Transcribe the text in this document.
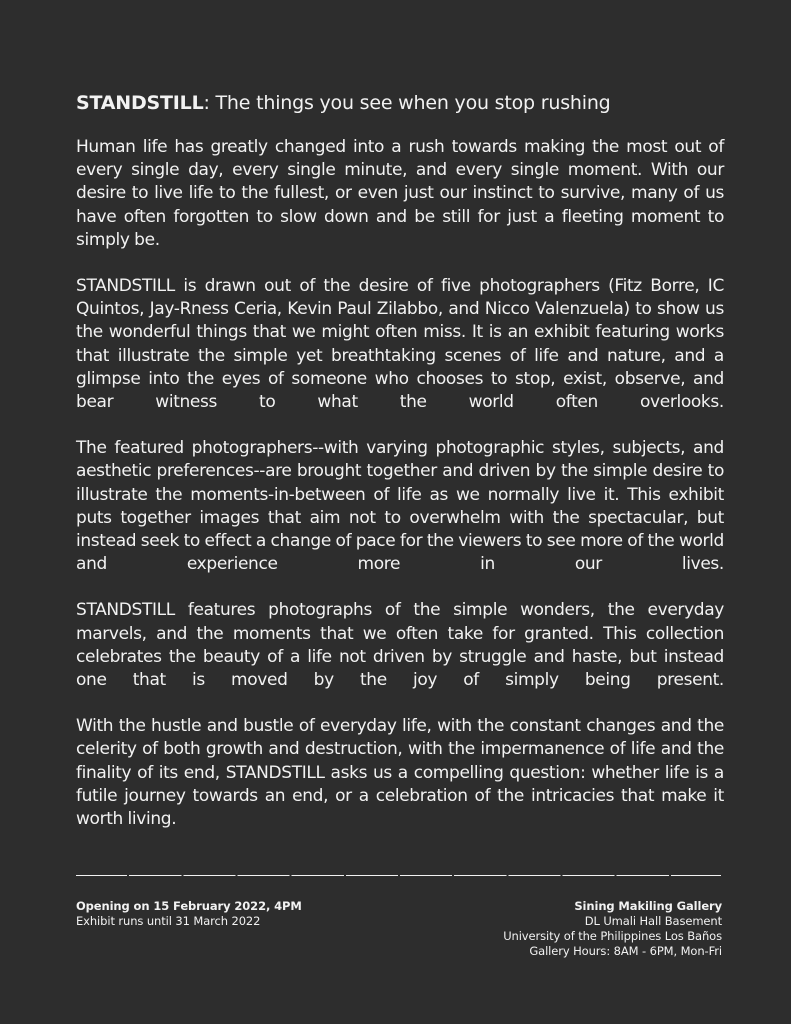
STANDSTILL: The things you see when you stop rushing

Human life has greatly changed into a rush towards making the most out of every single day, every single minute, and every single moment. With our desire to live life to the fullest, or even just our instinct to survive, many of us have often forgotten to slow down and be still for just a fleeting moment to simply be.

STANDSTILL is drawn out of the desire of five photographers (Fitz Borre, IC Quintos, Jay-Rness Ceria, Kevin Paul Zilabbo, and Nicco Valenzuela) to show us the wonderful things that we might often miss. It is an exhibit featuring works that illustrate the simple yet breathtaking scenes of life and nature, and a glimpse into the eyes of someone who chooses to stop, exist, observe, and bear witness to what the world often overlooks.

The featured photographers--with varying photographic styles, subjects, and aesthetic preferences--are brought together and driven by the simple desire to illustrate the moments-in-between of life as we normally live it. This exhibit puts together images that aim not to overwhelm with the spectacular, but instead seek to effect a change of pace for the viewers to see more of the world and experience more in our lives.

STANDSTILL features photographs of the simple wonders, the everyday marvels, and the moments that we often take for granted. This collection celebrates the beauty of a life not driven by struggle and haste, but instead one that is moved by the joy of simply being present.

With the hustle and bustle of everyday life, with the constant changes and the celerity of both growth and destruction, with the impermanence of life and the finality of its end, STANDSTILL asks us a compelling question: whether life is a futile journey towards an end, or a celebration of the intricacies that make it worth living.

Opening on 15 February 2022, 4PM
Exhibit runs until 31 March 2022
Sining Makiling Gallery
DL Umali Hall Basement
University of the Philippines Los Baños
Gallery Hours: 8AM - 6PM, Mon-Fri
